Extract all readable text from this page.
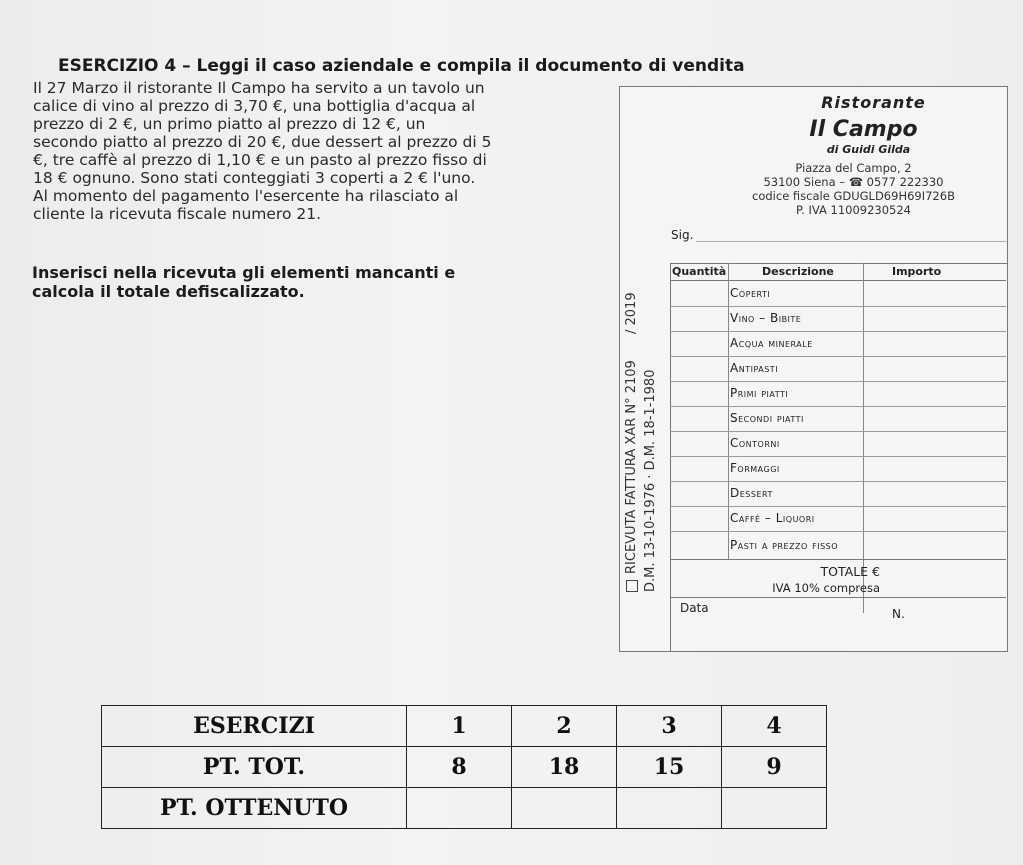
ESERCIZIO 4 – Leggi il caso aziendale e compila il documento di vendita

Il 27 Marzo il ristorante Il Campo ha servito a un tavolo un

calice di vino al prezzo di 3,70 €, una bottiglia d'acqua al

prezzo di 2 €, un primo piatto al prezzo di 12 €, un

secondo piatto al prezzo di 20 €, due dessert al prezzo di 5

€, tre caffè al prezzo di 1,10 € e un pasto al prezzo fisso di

18 € ognuno. Sono stati conteggiati 3 coperti a 2 € l'uno.

Al momento del pagamento l'esercente ha rilasciato al

cliente la ricevuta fiscale numero 21.

Inserisci nella ricevuta gli elementi mancanti e
calcola il totale defiscalizzato.
Ristorante
Il Campo
di Guidi Gilda
Piazza del Campo, 2
53100 Siena – ☎ 0577 222330
codice fiscale GDUGLD69H69I726B
P. IVA 11009230524
Sig.
RICEVUTA FATTURA XAR N° 2109
/ 2019
D.M. 13-10-1976 · D.M. 18-1-1980
Quantità	Descrizione	Importo
Coperti
Vino – Bibite
Acqua minerale
Antipasti
Primi piatti
Secondi piatti
Contorni
Formaggi
Dessert
Caffè – Liquori
Pasti a prezzo fisso
TOTALE €
IVA 10% compresa
Data	N.
ESERCIZI	1	2	3	4
PT. TOT.	8	18	15	9
PT. OTTENUTO				
